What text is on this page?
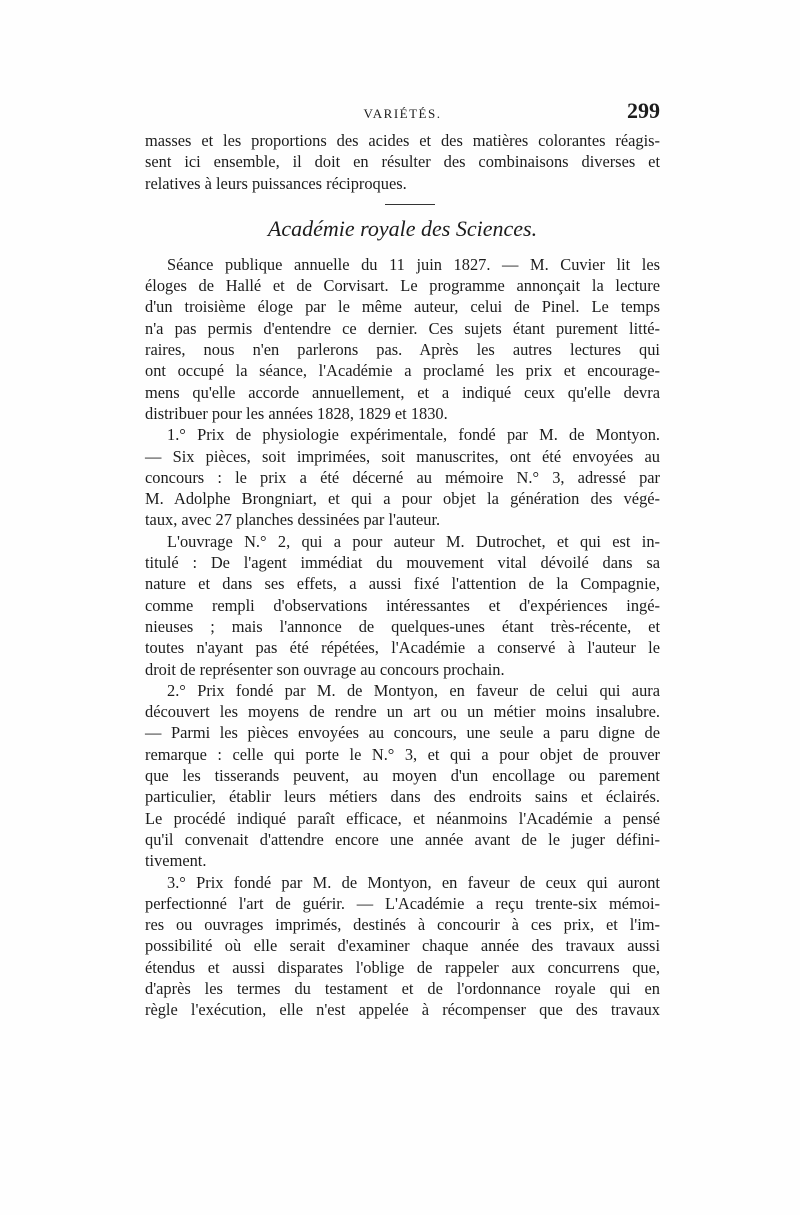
VARIÉTÉS.	299
masses et les proportions des acides et des matières colorantes réagis-
sent ici ensemble, il doit en résulter des combinaisons diverses et
relatives à leurs puissances réciproques.
Académie royale des Sciences.
Séance publique annuelle du 11 juin 1827. — M. Cuvier lit les
éloges de Hallé et de Corvisart. Le programme annonçait la lecture
d'un troisième éloge par le même auteur, celui de Pinel. Le temps
n'a pas permis d'entendre ce dernier. Ces sujets étant purement litté-
raires, nous n'en parlerons pas. Après les autres lectures qui
ont occupé la séance, l'Académie a proclamé les prix et encourage-
mens qu'elle accorde annuellement, et a indiqué ceux qu'elle devra
distribuer pour les années 1828, 1829 et 1830.
1.° Prix de physiologie expérimentale, fondé par M. de Montyon.
— Six pièces, soit imprimées, soit manuscrites, ont été envoyées au
concours : le prix a été décerné au mémoire N.° 3, adressé par
M. Adolphe Brongniart, et qui a pour objet la génération des végé-
taux, avec 27 planches dessinées par l'auteur.
L'ouvrage N.° 2, qui a pour auteur M. Dutrochet, et qui est in-
titulé : De l'agent immédiat du mouvement vital dévoilé dans sa
nature et dans ses effets, a aussi fixé l'attention de la Compagnie,
comme rempli d'observations intéressantes et d'expériences ingé-
nieuses ; mais l'annonce de quelques-unes étant très-récente, et
toutes n'ayant pas été répétées, l'Académie a conservé à l'auteur le
droit de représenter son ouvrage au concours prochain.
2.° Prix fondé par M. de Montyon, en faveur de celui qui aura
découvert les moyens de rendre un art ou un métier moins insalubre.
— Parmi les pièces envoyées au concours, une seule a paru digne de
remarque : celle qui porte le N.° 3, et qui a pour objet de prouver
que les tisserands peuvent, au moyen d'un encollage ou parement
particulier, établir leurs métiers dans des endroits sains et éclairés.
Le procédé indiqué paraît efficace, et néanmoins l'Académie a pensé
qu'il convenait d'attendre encore une année avant de le juger défini-
tivement.
3.° Prix fondé par M. de Montyon, en faveur de ceux qui auront
perfectionné l'art de guérir. — L'Académie a reçu trente-six mémoi-
res ou ouvrages imprimés, destinés à concourir à ces prix, et l'im-
possibilité où elle serait d'examiner chaque année des travaux aussi
étendus et aussi disparates l'oblige de rappeler aux concurrens que,
d'après les termes du testament et de l'ordonnance royale qui en
règle l'exécution, elle n'est appelée à récompenser que des travaux
